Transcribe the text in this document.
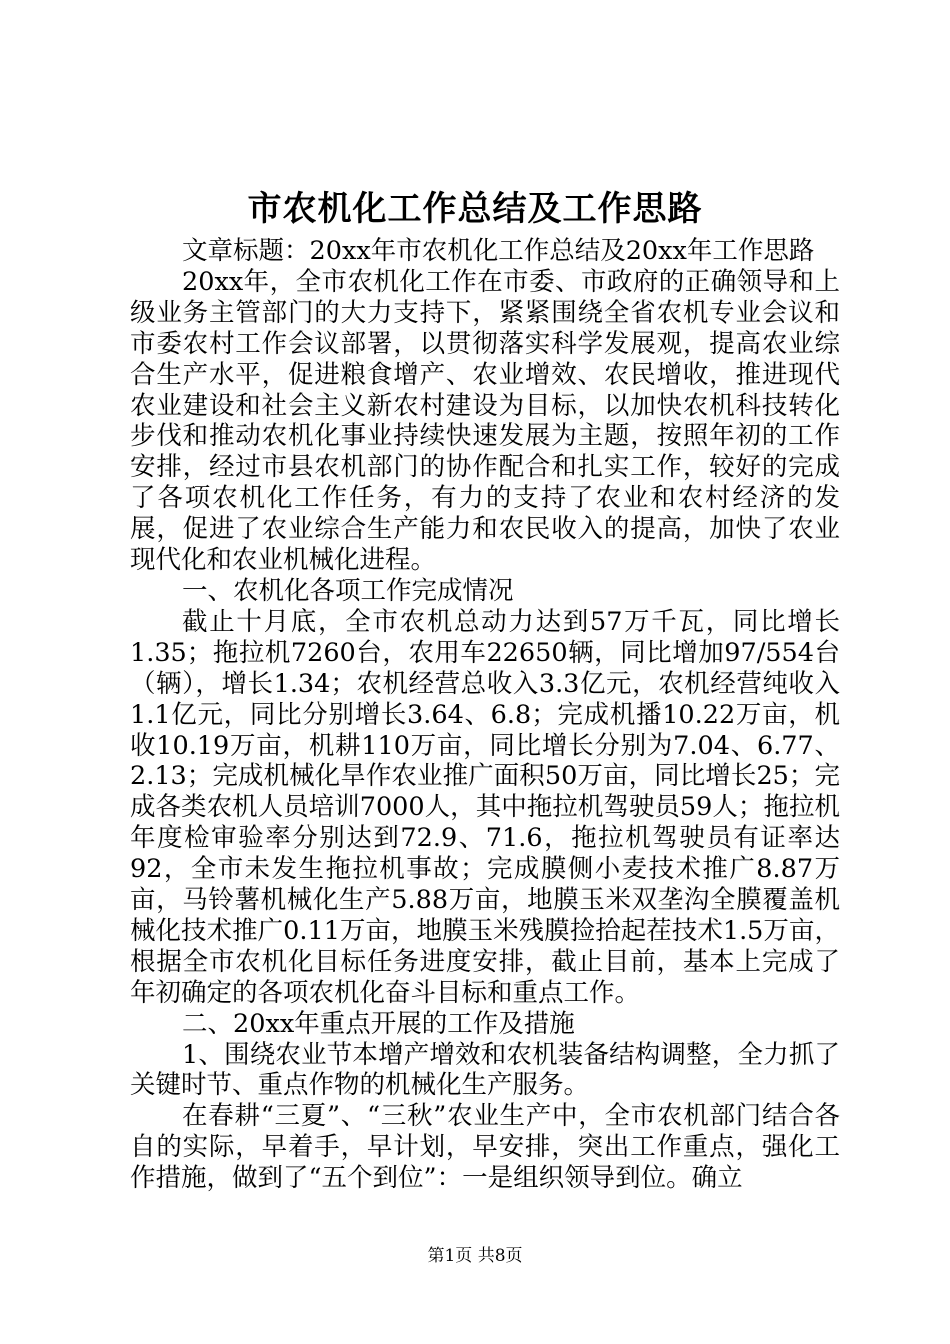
市农机化工作总结及工作思路

文章标题：20xx年市农机化工作总结及20xx年工作思路

20xx年，全市农机化工作在市委、市政府的正确领导和上级业务主管部门的大力支持下，紧紧围绕全省农机专业会议和市委农村工作会议部署，以贯彻落实科学发展观，提高农业综合生产水平，促进粮食增产、农业增效、农民增收，推进现代农业建设和社会主义新农村建设为目标，以加快农机科技转化步伐和推动农机化事业持续快速发展为主题，按照年初的工作安排，经过市县农机部门的协作配合和扎实工作，较好的完成了各项农机化工作任务，有力的支持了农业和农村经济的发展，促进了农业综合生产能力和农民收入的提高，加快了农业现代化和农业机械化进程。

一、农机化各项工作完成情况

截止十月底，全市农机总动力达到57万千瓦，同比增长1.35；拖拉机7260台，农用车22650辆，同比增加97/554台（辆），增长1.34；农机经营总收入3.3亿元，农机经营纯收入1.1亿元，同比分别增长3.64、6.8；完成机播10.22万亩，机收10.19万亩，机耕110万亩，同比增长分别为7.04、6.77、2.13；完成机械化旱作农业推广面积50万亩，同比增长25；完成各类农机人员培训7000人，其中拖拉机驾驶员59人；拖拉机年度检审验率分别达到72.9、71.6，拖拉机驾驶员有证率达92，全市未发生拖拉机事故；完成膜侧小麦技术推广8.87万亩，马铃薯机械化生产5.88万亩，地膜玉米双垄沟全膜覆盖机械化技术推广0.11万亩，地膜玉米残膜捡拾起茬技术1.5万亩，根据全市农机化目标任务进度安排，截止目前，基本上完成了年初确定的各项农机化奋斗目标和重点工作。

二、20xx年重点开展的工作及措施

1、围绕农业节本增产增效和农机装备结构调整，全力抓了关键时节、重点作物的机械化生产服务。

在春耕“三夏”、“三秋”农业生产中，全市农机部门结合各自的实际，早着手，早计划，早安排，突出工作重点，强化工作措施，做到了“五个到位”：一是组织领导到位。确立

第1页 共8页
